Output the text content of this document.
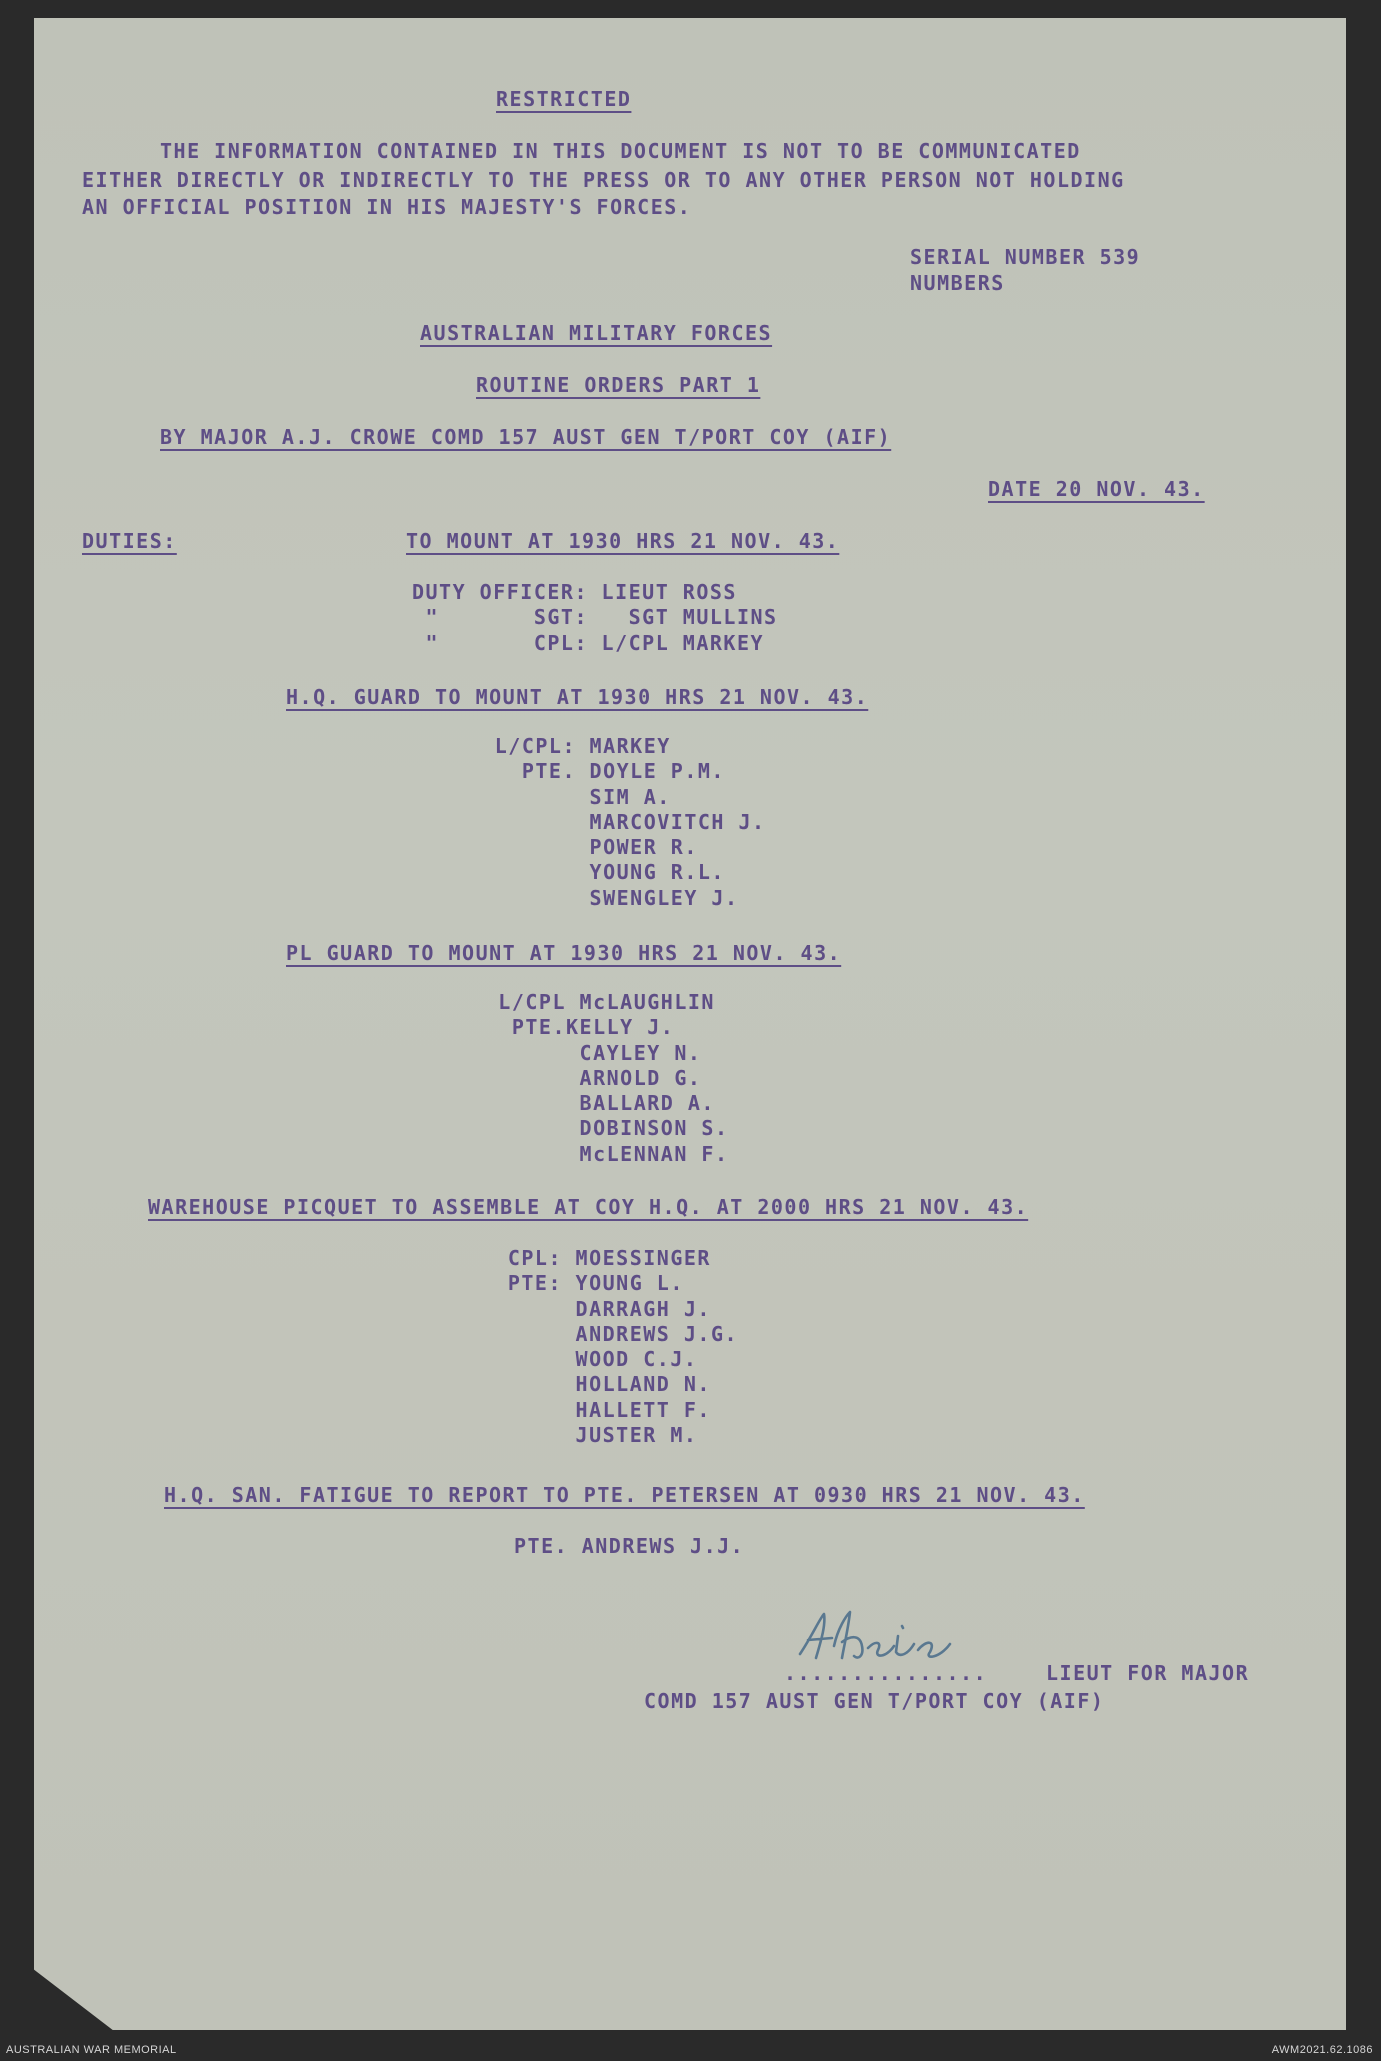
RESTRICTED
THE INFORMATION CONTAINED IN THIS DOCUMENT IS NOT TO BE COMMUNICATED
EITHER DIRECTLY OR INDIRECTLY TO THE PRESS OR TO ANY OTHER PERSON NOT HOLDING
AN OFFICIAL POSITION IN HIS MAJESTY'S FORCES.
SERIAL NUMBER 539
NUMBERS
AUSTRALIAN MILITARY FORCES
ROUTINE ORDERS PART 1
BY MAJOR A.J. CROWE COMD 157 AUST GEN T/PORT COY (AIF)
DATE 20 NOV. 43.
DUTIES:	TO MOUNT AT 1930 HRS 21 NOV. 43.
DUTY OFFICER: LIEUT ROSS
"       SGT:   SGT MULLINS
"       CPL: L/CPL MARKEY
H.Q. GUARD TO MOUNT AT 1930 HRS 21 NOV. 43.
L/CPL: MARKEY
PTE. DOYLE P.M.
SIM A.
MARCOVITCH J.
POWER R.
YOUNG R.L.
SWENGLEY J.
PL GUARD TO MOUNT AT 1930 HRS 21 NOV. 43.
L/CPL McLAUGHLIN
PTE.KELLY J.
CAYLEY N.
ARNOLD G.
BALLARD A.
DOBINSON S.
McLENNAN F.
WAREHOUSE PICQUET TO ASSEMBLE AT COY H.Q. AT 2000 HRS 21 NOV. 43.
CPL: MOESSINGER
PTE: YOUNG L.
DARRAGH J.
ANDREWS J.G.
WOOD C.J.
HOLLAND N.
HALLETT F.
JUSTER M.
H.Q. SAN. FATIGUE TO REPORT TO PTE. PETERSEN AT 0930 HRS 21 NOV. 43.
PTE. ANDREWS J.J.
...............	LIEUT FOR MAJOR
COMD 157 AUST GEN T/PORT COY (AIF)
AUSTRALIAN WAR MEMORIAL	AWM2021.62.1086
